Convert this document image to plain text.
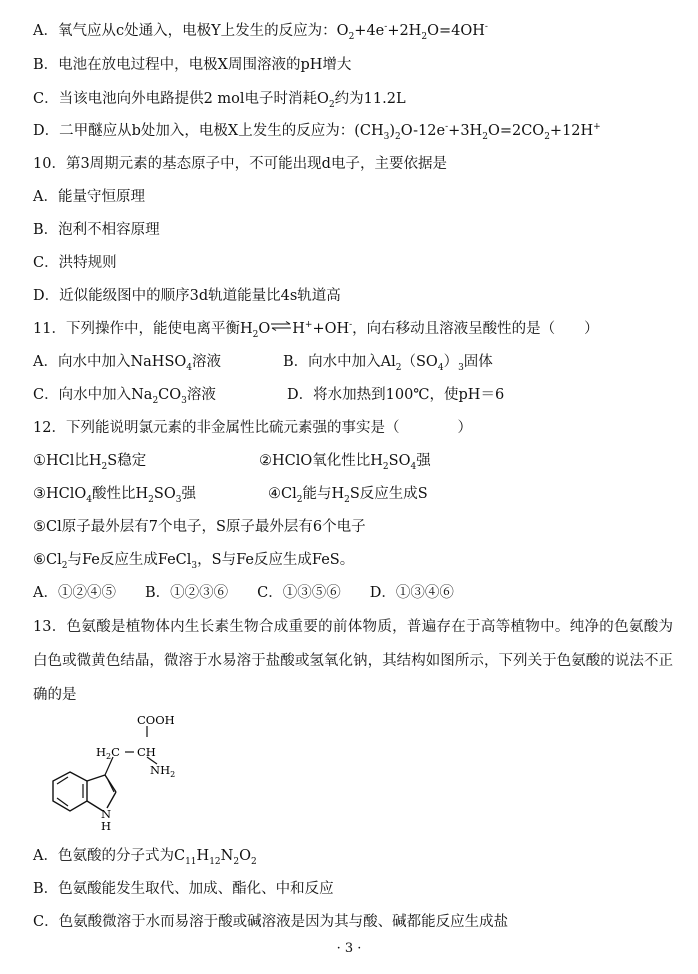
A．氧气应从c处通入，电极Y上发生的反应为：$O_2+4e^-+2H_2O=4OH^-$
B．电池在放电过程中，电极X周围溶液的pH增大
C．当该电池向外电路提供2 mol电子时消耗$O_2$约为11.2L
D．二甲醚应从b处加入，电极X上发生的反应为：$(CH_3)_2O-12e^-+3H_2O=2CO_2+12H^+$
10．第3周期元素的基态原子中，不可能出现d电子，主要依据是
A．能量守恒原理
B．泡利不相容原理
C．洪特规则
D．近似能级图中的顺序3d轨道能量比4s轨道高
11．下列操作中，能使电离平衡$H_2O\rightleftharpoons H^++OH^-$，向右移动且溶液呈酸性的是（　　）
A．向水中加入NaHSO$_4$溶液	B．向水中加入$Al_2(SO_4)_3$固体
C．向水中加入$Na_2CO_3$溶液	D．将水加热到100℃，使pH＝6
12．下列能说明氯元素的非金属性比硫元素强的事实是（　　　　）
①HCl比$H_2S$稳定	②HClO氧化性比$H_2SO_4$强
③HClO$_4$酸性比$H_2SO_3$强	$④Cl_2$能与$H_2S$反应生成S
⑤Cl原子最外层有7个电子，S原子最外层有6个电子
$⑥Cl_2$与Fe反应生成FeCl$_3$，S与Fe反应生成FeS。
A．①②④⑤　　B．①②③⑥　　C．①③⑤⑥　　D．①③④⑥
13．色氨酸是植物体内生长素生物合成重要的前体物质，普遍存在于高等植物中。纯净的色氨酸为白色或微黄色结晶，微溶于水易溶于盐酸或氢氧化钠，其结构如图所示，下列关于色氨酸的说法不正确的是
COOH
$H_2C$ CH
$NH_2$
N
H
A．色氨酸的分子式为$C_{11}H_{12}N_2O_2$
B．色氨酸能发生取代、加成、酯化、中和反应
C．色氨酸微溶于水而易溶于酸或碱溶液是因为其与酸、碱都能反应生成盐
· 3 ·
